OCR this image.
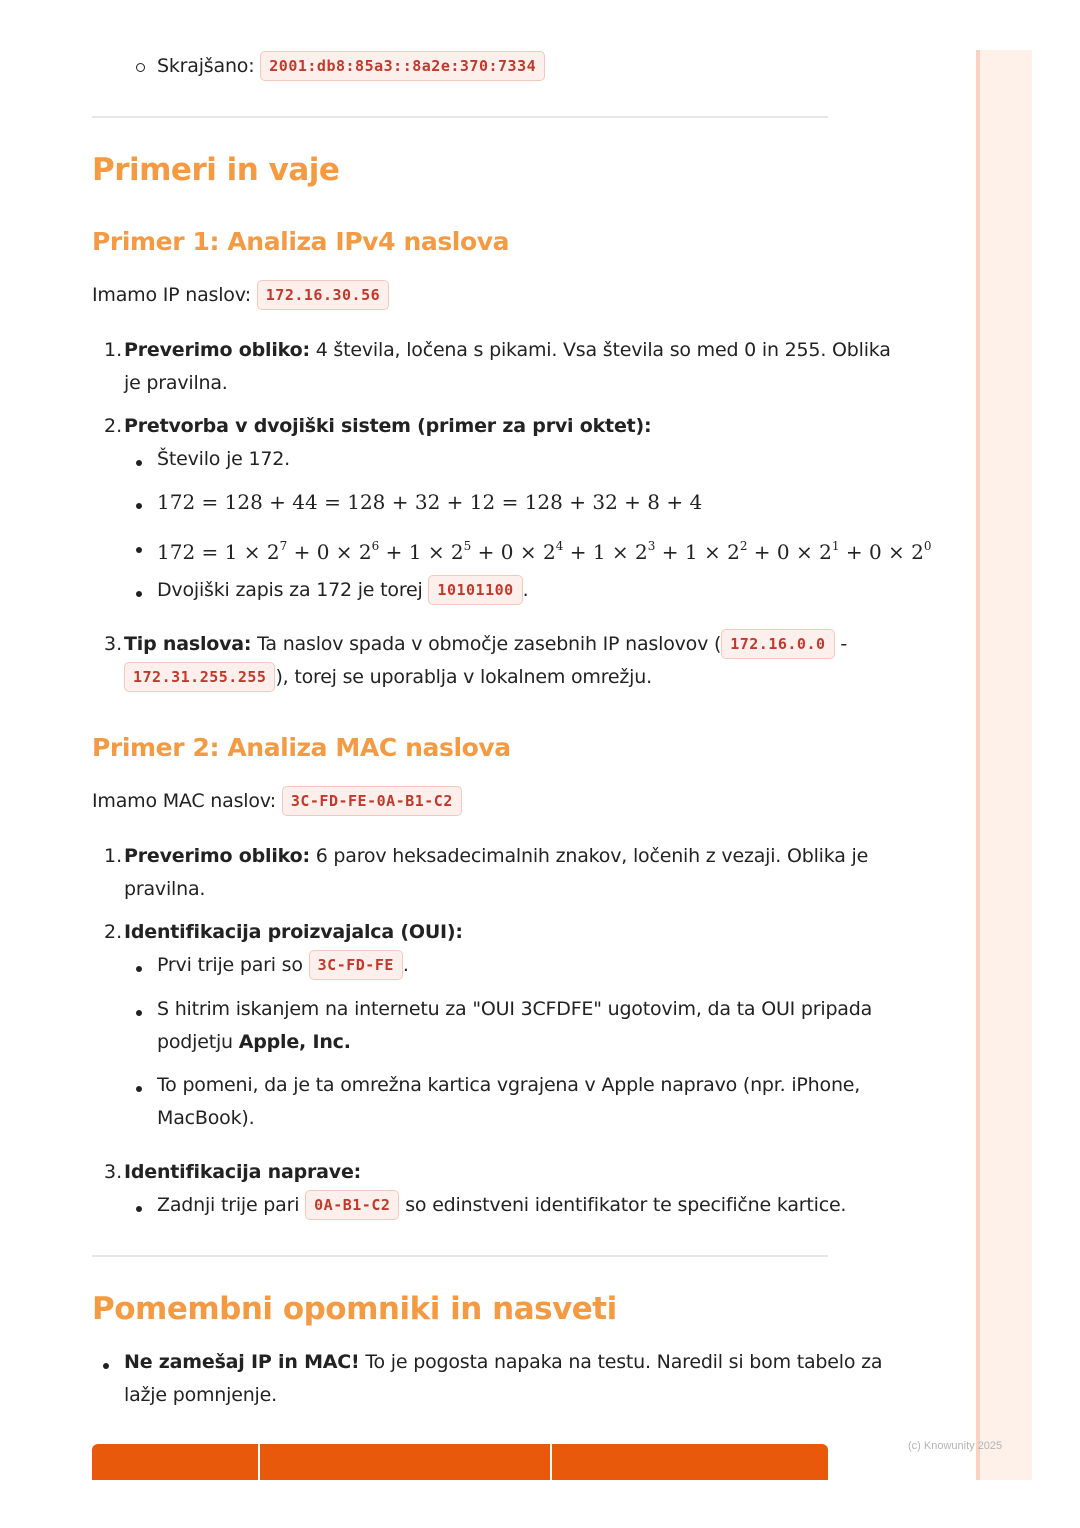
Skrajšano: 2001:db8:85a3::8a2e:370:7334
Primeri in vaje
Primer 1: Analiza IPv4 naslova
Imamo IP naslov: 172.16.30.56
1. Preverimo obliko: 4 števila, ločena s pikami. Vsa števila so med 0 in 255. Oblika
je pravilna.
2. Pretvorba v dvojiški sistem (primer za prvi oktet):
Število je 172.
172 = 128 + 44 = 128 + 32 + 12 = 128 + 32 + 8 + 4
$172 = 1 \times 2^7 + 0 \times 2^6 + 1 \times 2^5 + 0 \times 2^4 + 1 \times 2^3 + 1 \times 2^2 + 0 \times 2^1 + 0 \times 2^0$
Dvojiški zapis za 172 je torej 10101100 .
3. Tip naslova: Ta naslov spada v območje zasebnih IP naslovov ( 172.16.0.0 -
172.31.255.255 ), torej se uporablja v lokalnem omrežju.
Primer 2: Analiza MAC naslova
Imamo MAC naslov: 3C-FD-FE-0A-B1-C2
1. Preverimo obliko: 6 parov heksadecimalnih znakov, ločenih z vezaji. Oblika je
pravilna.
2. Identifikacija proizvajalca (OUI):
Prvi trije pari so 3C-FD-FE .
S hitrim iskanjem na internetu za "OUI 3CFDFE" ugotovim, da ta OUI pripada
podjetju Apple, Inc.
To pomeni, da je ta omrežna kartica vgrajena v Apple napravo (npr. iPhone,
MacBook).
3. Identifikacija naprave:
Zadnji trije pari 0A-B1-C2 so edinstveni identifikator te specifične kartice.
Pomembni opomniki in nasveti
Ne zamešaj IP in MAC! To je pogosta napaka na testu. Naredil si bom tabelo za
lažje pomnjenje.
(c) Knowunity 2025
